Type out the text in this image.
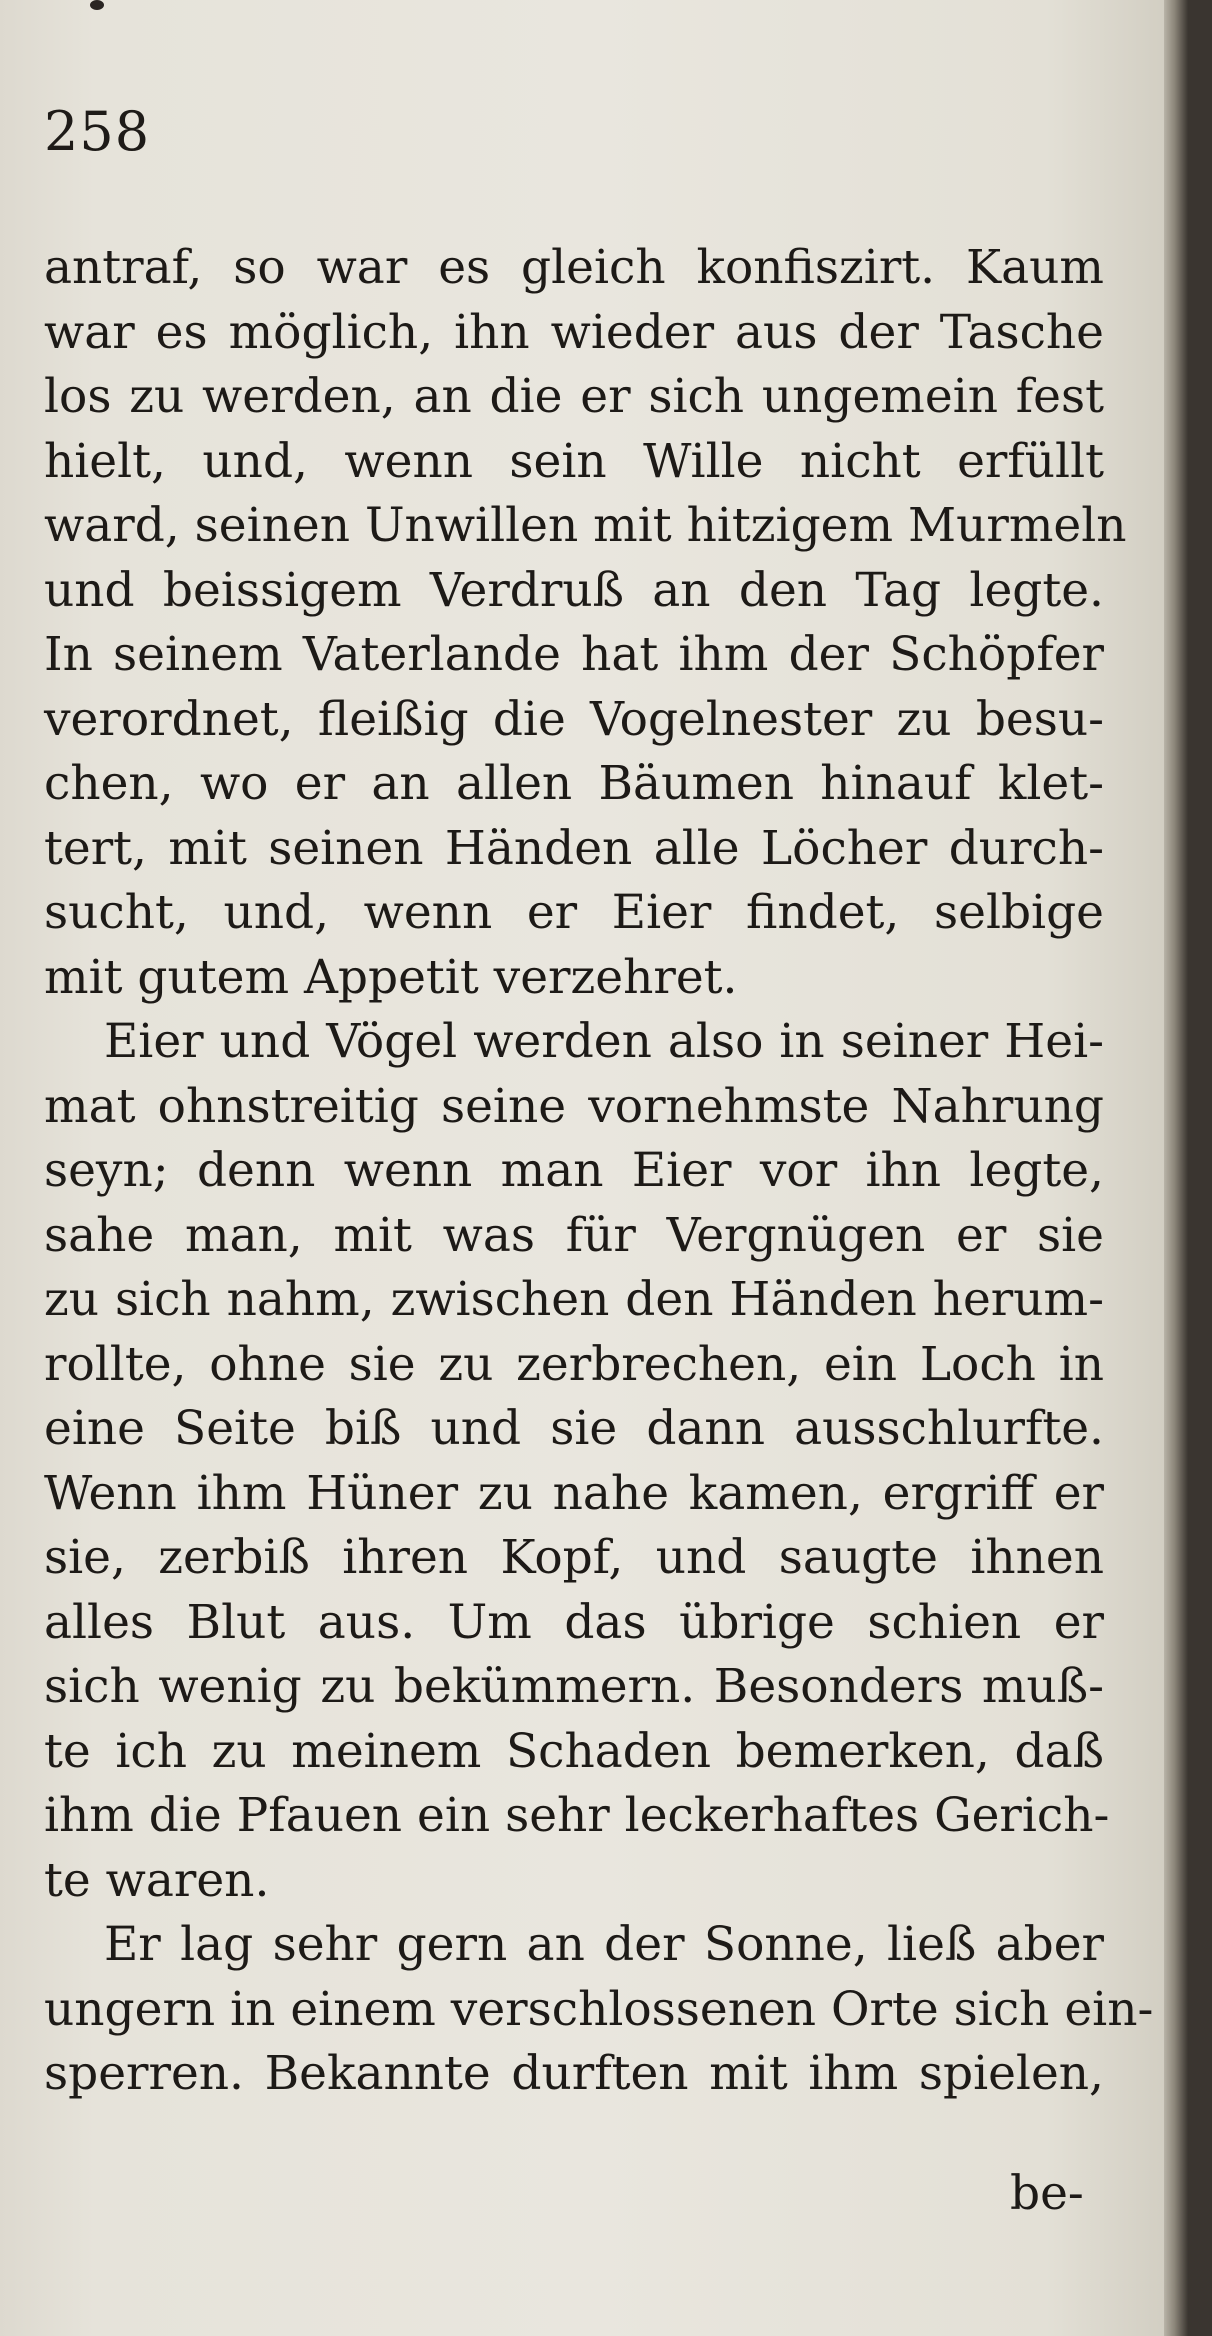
258
antraf, so war es gleich konfiszirt. Kaum
war es möglich, ihn wieder aus der Tasche
los zu werden, an die er sich ungemein fest
hielt, und, wenn sein Wille nicht erfüllt
ward, seinen Unwillen mit hitzigem Murmeln
und beissigem Verdruß an den Tag legte.
In seinem Vaterlande hat ihm der Schöpfer
verordnet, fleißig die Vogelnester zu besu-
chen, wo er an allen Bäumen hinauf klet-
tert, mit seinen Händen alle Löcher durch-
sucht, und, wenn er Eier findet, selbige
mit gutem Appetit verzehret.
Eier und Vögel werden also in seiner Hei-
mat ohnstreitig seine vornehmste Nahrung
seyn; denn wenn man Eier vor ihn legte,
sahe man, mit was für Vergnügen er sie
zu sich nahm, zwischen den Händen herum-
rollte, ohne sie zu zerbrechen, ein Loch in
eine Seite biß und sie dann ausschlurfte.
Wenn ihm Hüner zu nahe kamen, ergriff er
sie, zerbiß ihren Kopf, und saugte ihnen
alles Blut aus. Um das übrige schien er
sich wenig zu bekümmern. Besonders muß-
te ich zu meinem Schaden bemerken, daß
ihm die Pfauen ein sehr leckerhaftes Gerich-
te waren.
Er lag sehr gern an der Sonne, ließ aber
ungern in einem verschlossenen Orte sich ein-
sperren. Bekannte durften mit ihm spielen,
be-
